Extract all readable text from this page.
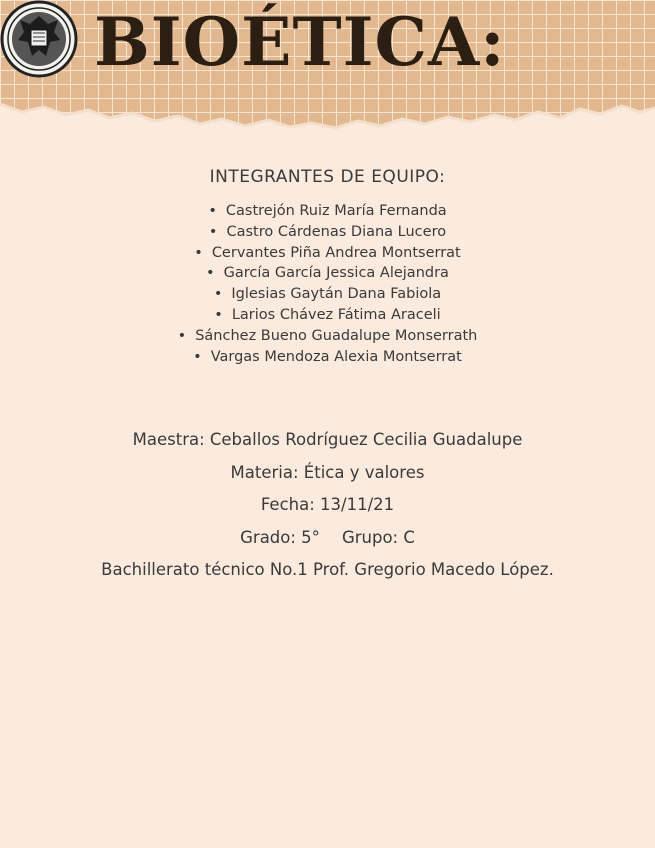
BIOÉTICA:
INTEGRANTES DE EQUIPO:
• Castrejón Ruiz María Fernanda
• Castro Cárdenas Diana Lucero
• Cervantes Piña Andrea Montserrat
• García García Jessica Alejandra
• Iglesias Gaytán Dana Fabiola
• Larios Chávez Fátima Araceli
• Sánchez Bueno Guadalupe Monserrath
• Vargas Mendoza Alexia Montserrat
Maestra: Ceballos Rodríguez Cecilia Guadalupe
Materia: Ética y valores
Fecha: 13/11/21
Grado: 5° Grupo: C
Bachillerato técnico No.1 Prof. Gregorio Macedo López.
